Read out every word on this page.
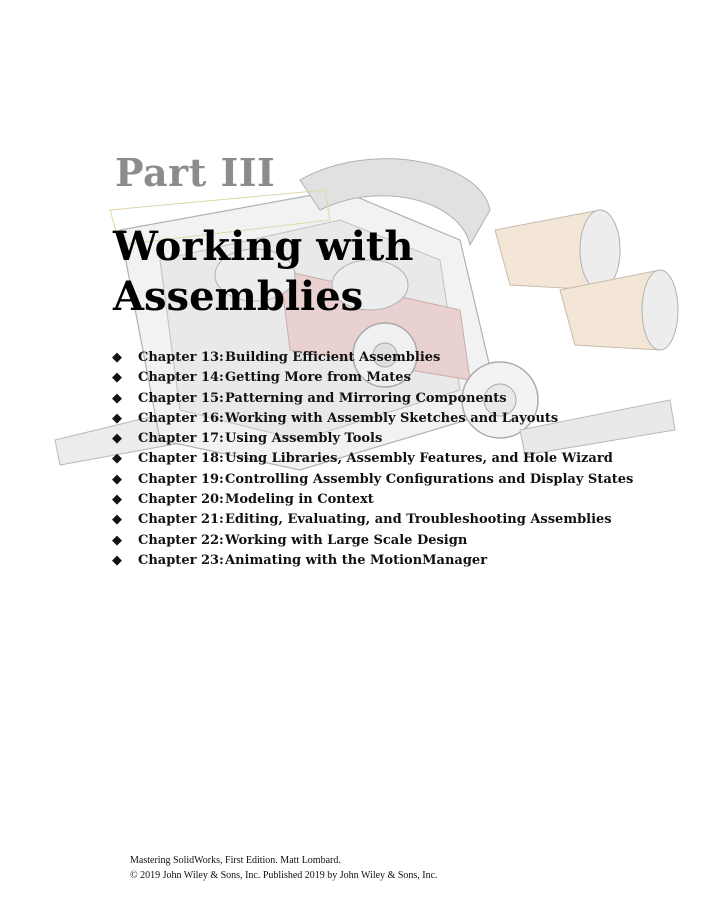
Part III
Working with
Assemblies
◆	Chapter 13: Building Efficient Assemblies
◆	Chapter 14: Getting More from Mates
◆	Chapter 15: Patterning and Mirroring Components
◆	Chapter 16: Working with Assembly Sketches and Layouts
◆	Chapter 17: Using Assembly Tools
◆	Chapter 18: Using Libraries, Assembly Features, and Hole Wizard
◆	Chapter 19: Controlling Assembly Configurations and Display States
◆	Chapter 20: Modeling in Context
◆	Chapter 21: Editing, Evaluating, and Troubleshooting Assemblies
◆	Chapter 22: Working with Large Scale Design
◆	Chapter 23: Animating with the MotionManager
Mastering SolidWorks, First Edition. Matt Lombard.
© 2019 John Wiley & Sons, Inc. Published 2019 by John Wiley & Sons, Inc.
